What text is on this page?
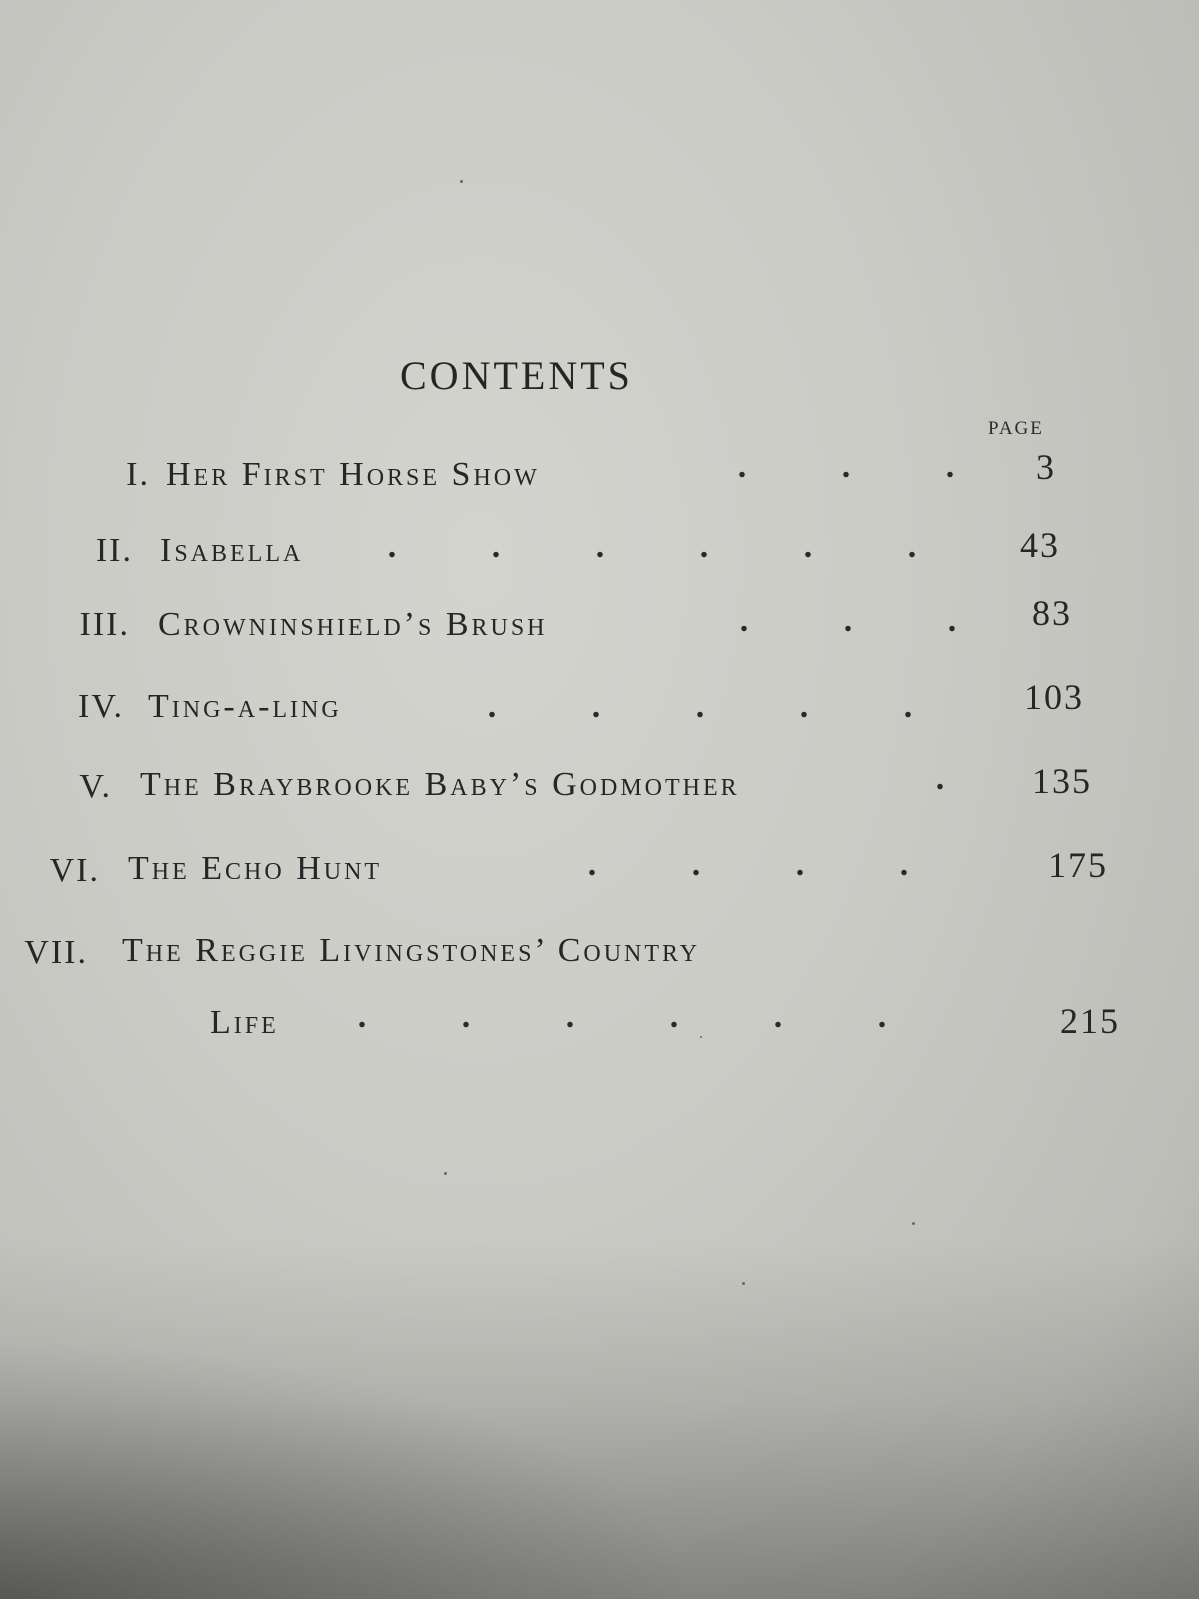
CONTENTS
PAGE
I. Her First Horse Show	.	.	.	3
II. Isabella	.	.	.	.	.	.	43
III. Crowninshield’s Brush	.	.	.	83
IV. Ting-a-ling	.	.	.	.	.	103
V. The Braybrooke Baby’s Godmother	.	135
VI. The Echo Hunt	.	.	.	.	175
VII. The Reggie Livingstones’ Country
Life	.	.	.	.	.	.	215
